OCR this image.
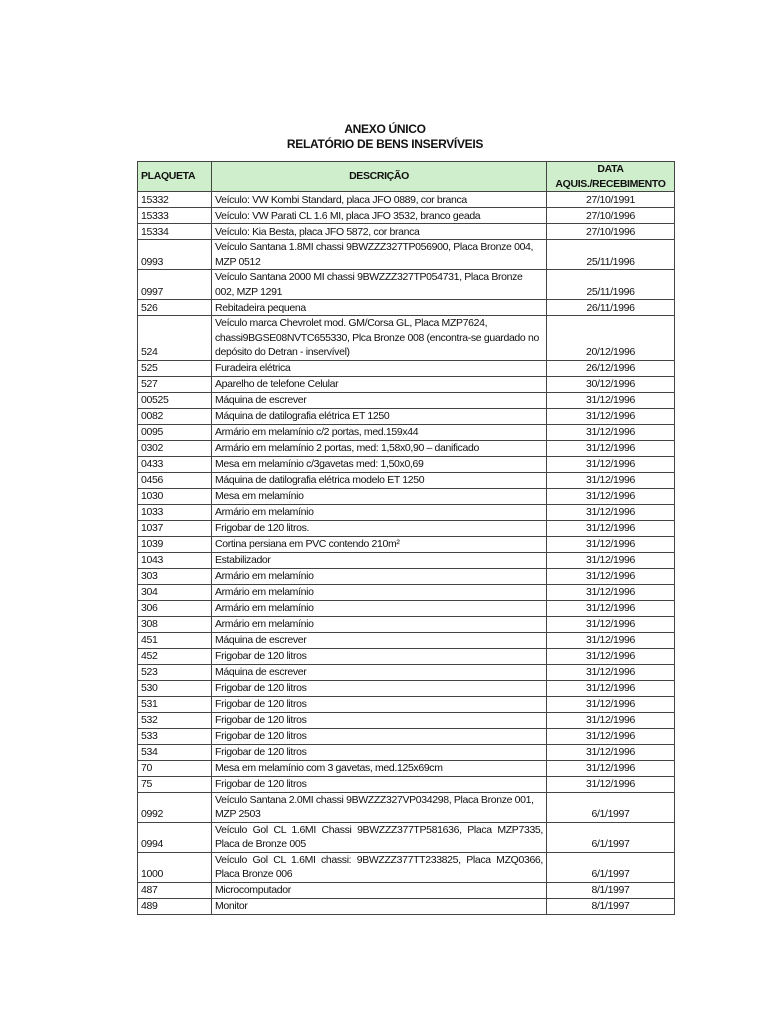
ANEXO ÚNICO
RELATÓRIO DE BENS INSERVÍVEIS
PLAQUETA	DESCRIÇÃO	DATA
AQUIS./RECEBIMENTO
15332	Veículo: VW Kombi Standard, placa JFO 0889, cor branca	27/10/1991
15333	Veículo: VW Parati CL 1.6 MI, placa JFO 3532, branco geada	27/10/1996
15334	Veículo: Kia Besta, placa JFO 5872, cor branca	27/10/1996
0993	Veículo Santana 1.8MI chassi 9BWZZZ327TP056900, Placa Bronze 004, MZP 0512	25/11/1996
0997	Veículo Santana 2000 MI chassi 9BWZZZ327TP054731, Placa Bronze 002, MZP 1291	25/11/1996
526	Rebitadeira pequena	26/11/1996
524	Veículo marca Chevrolet mod. GM/Corsa GL, Placa MZP7624, chassi9BGSE08NVTC655330, Plca Bronze 008 (encontra-se guardado no depósito do Detran - inservível)	20/12/1996
525	Furadeira elétrica	26/12/1996
527	Aparelho de telefone Celular	30/12/1996
00525	Máquina de escrever	31/12/1996
0082	Máquina de datilografia elétrica ET 1250	31/12/1996
0095	Armário em melamínio c/2 portas, med.159x44	31/12/1996
0302	Armário em melamínio 2 portas, med: 1,58x0,90 – danificado	31/12/1996
0433	Mesa em melamínio c/3gavetas med: 1,50x0,69	31/12/1996
0456	Máquina de datilografia elétrica modelo ET 1250	31/12/1996
1030	Mesa em melamínio	31/12/1996
1033	Armário em melamínio	31/12/1996
1037	Frigobar de 120 litros.	31/12/1996
1039	Cortina persiana em PVC contendo 210m²	31/12/1996
1043	Estabilizador	31/12/1996
303	Armário em melamínio	31/12/1996
304	Armário em melamínio	31/12/1996
306	Armário em melamínio	31/12/1996
308	Armário em melamínio	31/12/1996
451	Máquina de escrever	31/12/1996
452	Frigobar de 120 litros	31/12/1996
523	Máquina de escrever	31/12/1996
530	Frigobar de 120 litros	31/12/1996
531	Frigobar de 120 litros	31/12/1996
532	Frigobar de 120 litros	31/12/1996
533	Frigobar de 120 litros	31/12/1996
534	Frigobar de 120 litros	31/12/1996
70	Mesa em melamínio com 3 gavetas, med.125x69cm	31/12/1996
75	Frigobar de 120 litros	31/12/1996
0992	Veículo Santana 2.0MI chassi 9BWZZZ327VP034298, Placa Bronze 001, MZP 2503	6/1/1997
0994	Veículo Gol CL 1.6MI Chassi 9BWZZZ377TP581636, Placa MZP7335, Placa de Bronze 005	6/1/1997
1000	Veículo Gol CL 1.6MI chassi: 9BWZZZ377TT233825, Placa MZQ0366, Placa Bronze 006	6/1/1997
487	Microcomputador	8/1/1997
489	Monitor	8/1/1997
